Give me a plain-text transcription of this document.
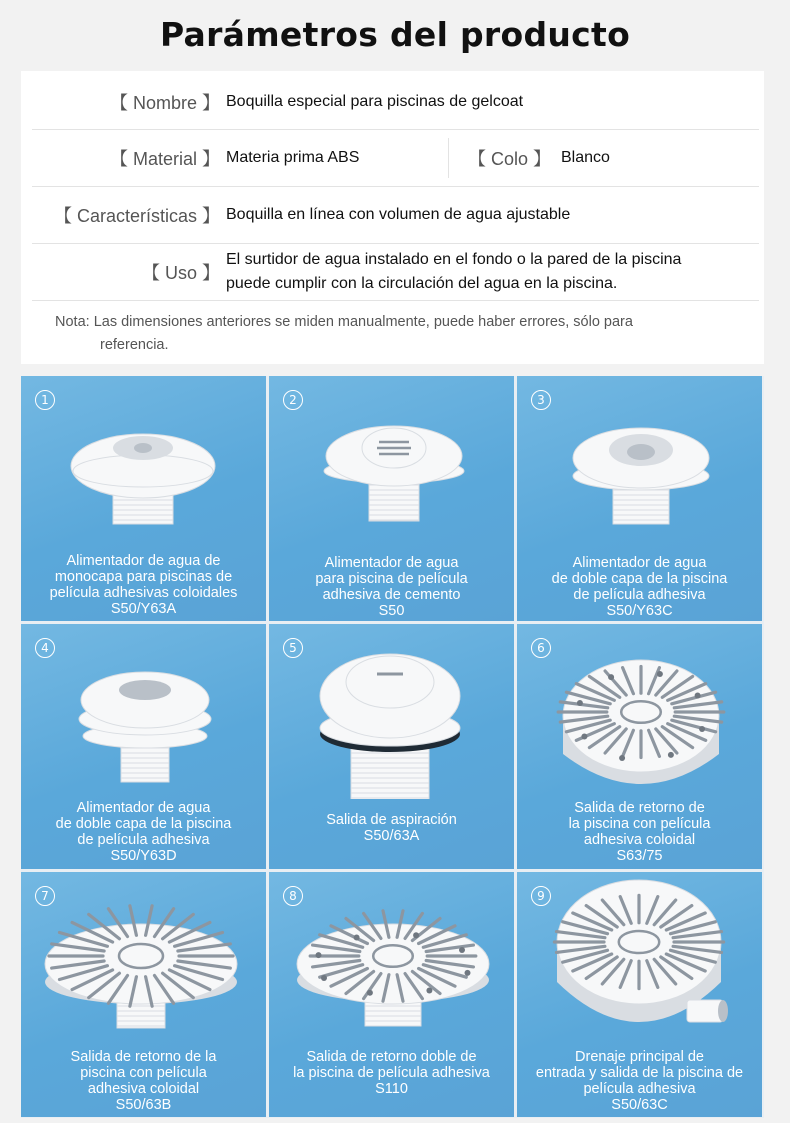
Parámetros del producto
【 Nombre 】 Boquilla especial para piscinas de gelcoat
【 Material 】 Materia prima ABS	【 Colo 】 Blanco
【 Características 】 Boquilla en línea con volumen de agua ajustable
【 Uso 】
El surtidor de agua instalado en el fondo o la pared de la piscina
puede cumplir con la circulación del agua en la piscina.
Nota: Las dimensiones anteriores se miden manualmente, puede haber errores, sólo para
referencia.
1
Alimentador de agua de
monocapa para piscinas de
película adhesivas coloidales
S50/Y63A
2
Alimentador de agua
para piscina de película
adhesiva de cemento
S50
3
Alimentador de agua
de doble capa de la piscina
de película adhesiva
S50/Y63C
4
Alimentador de agua
de doble capa de la piscina
de película adhesiva
S50/Y63D
5
Salida de aspiración
S50/63A
6
Salida de retorno de
la piscina con película
adhesiva coloidal
S63/75
7
Salida de retorno de la
piscina con película
adhesiva coloidal
S50/63B
8
Salida de retorno doble de
la piscina de película adhesiva
S110
9
Drenaje principal de
entrada y salida de la piscina de
película adhesiva
S50/63C
